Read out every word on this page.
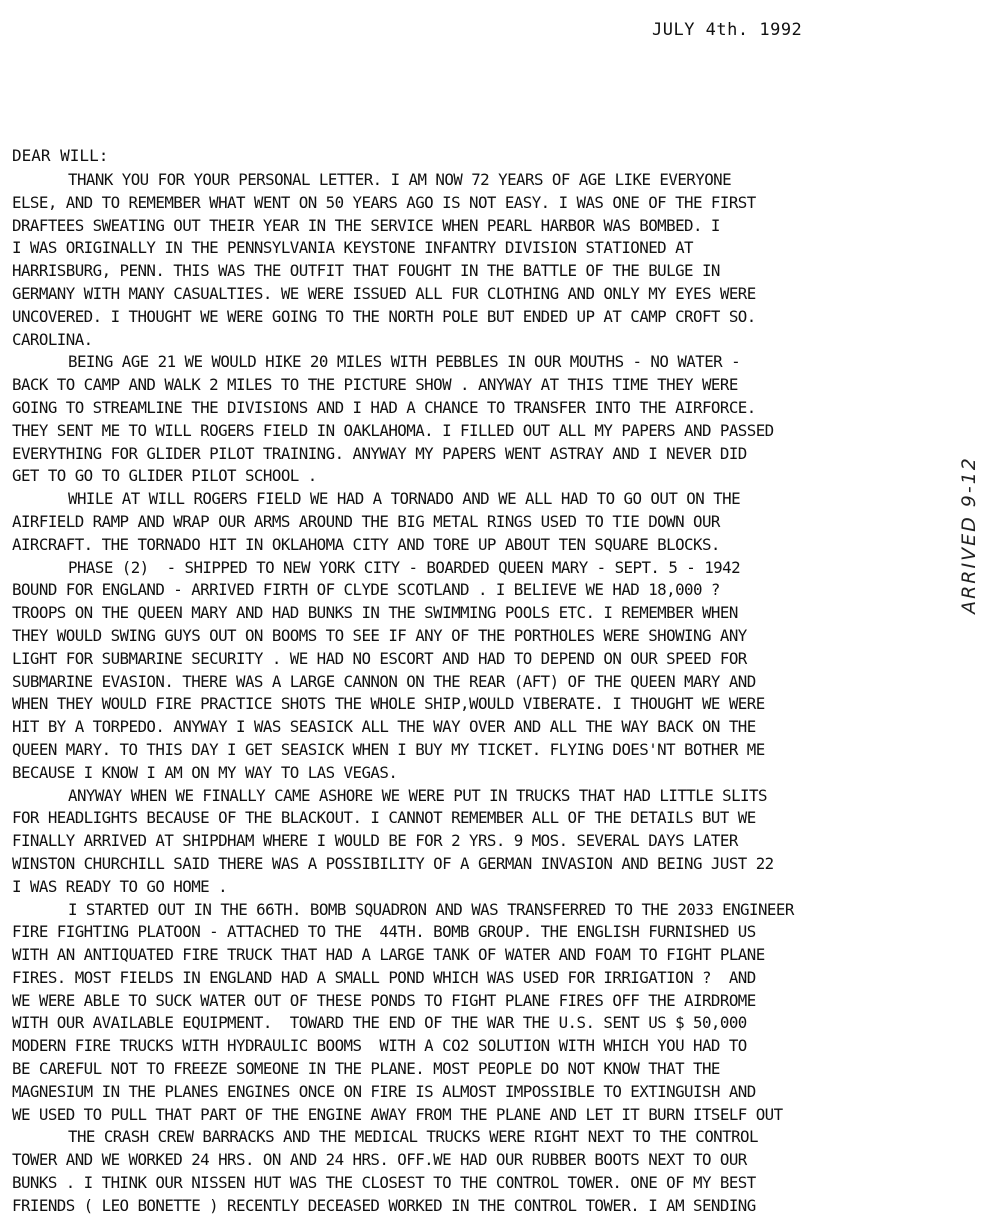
JULY 4th. 1992
DEAR WILL:
THANK YOU FOR YOUR PERSONAL LETTER. I AM NOW 72 YEARS OF AGE LIKE EVERYONE
ELSE, AND TO REMEMBER WHAT WENT ON 50 YEARS AGO IS NOT EASY. I WAS ONE OF THE FIRST
DRAFTEES SWEATING OUT THEIR YEAR IN THE SERVICE WHEN PEARL HARBOR WAS BOMBED. I
I WAS ORIGINALLY IN THE PENNSYLVANIA KEYSTONE INFANTRY DIVISION STATIONED AT
HARRISBURG, PENN. THIS WAS THE OUTFIT THAT FOUGHT IN THE BATTLE OF THE BULGE IN
GERMANY WITH MANY CASUALTIES. WE WERE ISSUED ALL FUR CLOTHING AND ONLY MY EYES WERE
UNCOVERED. I THOUGHT WE WERE GOING TO THE NORTH POLE BUT ENDED UP AT CAMP CROFT SO.
CAROLINA.
BEING AGE 21 WE WOULD HIKE 20 MILES WITH PEBBLES IN OUR MOUTHS - NO WATER -
BACK TO CAMP AND WALK 2 MILES TO THE PICTURE SHOW . ANYWAY AT THIS TIME THEY WERE
GOING TO STREAMLINE THE DIVISIONS AND I HAD A CHANCE TO TRANSFER INTO THE AIRFORCE.
THEY SENT ME TO WILL ROGERS FIELD IN OAKLAHOMA. I FILLED OUT ALL MY PAPERS AND PASSED
EVERYTHING FOR GLIDER PILOT TRAINING. ANYWAY MY PAPERS WENT ASTRAY AND I NEVER DID
GET TO GO TO GLIDER PILOT SCHOOL .
WHILE AT WILL ROGERS FIELD WE HAD A TORNADO AND WE ALL HAD TO GO OUT ON THE
AIRFIELD RAMP AND WRAP OUR ARMS AROUND THE BIG METAL RINGS USED TO TIE DOWN OUR
AIRCRAFT. THE TORNADO HIT IN OKLAHOMA CITY AND TORE UP ABOUT TEN SQUARE BLOCKS.
PHASE (2)  - SHIPPED TO NEW YORK CITY - BOARDED QUEEN MARY - SEPT. 5 - 1942
BOUND FOR ENGLAND - ARRIVED FIRTH OF CLYDE SCOTLAND . I BELIEVE WE HAD 18,000 ?
TROOPS ON THE QUEEN MARY AND HAD BUNKS IN THE SWIMMING POOLS ETC. I REMEMBER WHEN
THEY WOULD SWING GUYS OUT ON BOOMS TO SEE IF ANY OF THE PORTHOLES WERE SHOWING ANY
LIGHT FOR SUBMARINE SECURITY . WE HAD NO ESCORT AND HAD TO DEPEND ON OUR SPEED FOR
SUBMARINE EVASION. THERE WAS A LARGE CANNON ON THE REAR (AFT) OF THE QUEEN MARY AND
WHEN THEY WOULD FIRE PRACTICE SHOTS THE WHOLE SHIP,WOULD VIBERATE. I THOUGHT WE WERE
HIT BY A TORPEDO. ANYWAY I WAS SEASICK ALL THE WAY OVER AND ALL THE WAY BACK ON THE
QUEEN MARY. TO THIS DAY I GET SEASICK WHEN I BUY MY TICKET. FLYING DOES'NT BOTHER ME
BECAUSE I KNOW I AM ON MY WAY TO LAS VEGAS.
ANYWAY WHEN WE FINALLY CAME ASHORE WE WERE PUT IN TRUCKS THAT HAD LITTLE SLITS
FOR HEADLIGHTS BECAUSE OF THE BLACKOUT. I CANNOT REMEMBER ALL OF THE DETAILS BUT WE
FINALLY ARRIVED AT SHIPDHAM WHERE I WOULD BE FOR 2 YRS. 9 MOS. SEVERAL DAYS LATER
WINSTON CHURCHILL SAID THERE WAS A POSSIBILITY OF A GERMAN INVASION AND BEING JUST 22
I WAS READY TO GO HOME .
I STARTED OUT IN THE 66TH. BOMB SQUADRON AND WAS TRANSFERRED TO THE 2033 ENGINEER
FIRE FIGHTING PLATOON - ATTACHED TO THE  44TH. BOMB GROUP. THE ENGLISH FURNISHED US
WITH AN ANTIQUATED FIRE TRUCK THAT HAD A LARGE TANK OF WATER AND FOAM TO FIGHT PLANE
FIRES. MOST FIELDS IN ENGLAND HAD A SMALL POND WHICH WAS USED FOR IRRIGATION ?  AND
WE WERE ABLE TO SUCK WATER OUT OF THESE PONDS TO FIGHT PLANE FIRES OFF THE AIRDROME
WITH OUR AVAILABLE EQUIPMENT.  TOWARD THE END OF THE WAR THE U.S. SENT US $ 50,000
MODERN FIRE TRUCKS WITH HYDRAULIC BOOMS  WITH A CO2 SOLUTION WITH WHICH YOU HAD TO
BE CAREFUL NOT TO FREEZE SOMEONE IN THE PLANE. MOST PEOPLE DO NOT KNOW THAT THE
MAGNESIUM IN THE PLANES ENGINES ONCE ON FIRE IS ALMOST IMPOSSIBLE TO EXTINGUISH AND
WE USED TO PULL THAT PART OF THE ENGINE AWAY FROM THE PLANE AND LET IT BURN ITSELF OUT
THE CRASH CREW BARRACKS AND THE MEDICAL TRUCKS WERE RIGHT NEXT TO THE CONTROL
TOWER AND WE WORKED 24 HRS. ON AND 24 HRS. OFF.WE HAD OUR RUBBER BOOTS NEXT TO OUR
BUNKS . I THINK OUR NISSEN HUT WAS THE CLOSEST TO THE CONTROL TOWER. ONE OF MY BEST
FRIENDS ( LEO BONETTE ) RECENTLY DECEASED WORKED IN THE CONTROL TOWER. I AM SENDING
ARRIVED 9-12
